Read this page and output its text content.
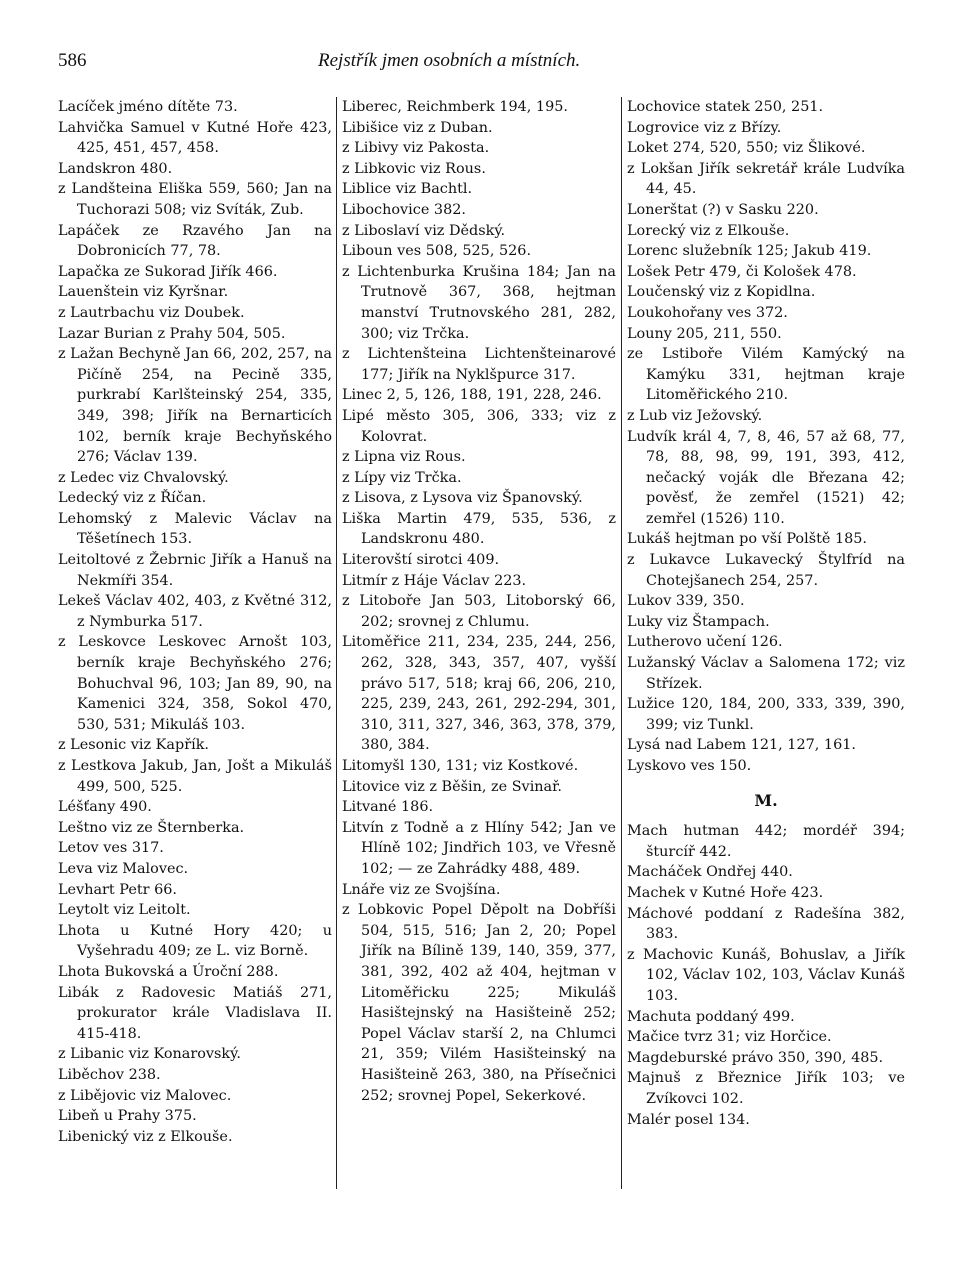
586	Rejstřík jmen osobních a místních.

Lacíček jméno dítěte 73.

Lahvička Samuel v Kutné Hoře 423, 425, 451, 457, 458.

Landskron 480.

z Landšteina Eliška 559, 560; Jan na Tuchorazi 508; viz Svíták, Zub.

Lapáček ze Rzavého Jan na Dobronicích 77, 78.

Lapačka ze Sukorad Jiřík 466.

Lauenštein viz Kyršnar.

z Lautrbachu viz Doubek.

Lazar Burian z Prahy 504, 505.

z Lažan Bechyně Jan 66, 202, 257, na Pičíně 254, na Pecině 335, purkrabí Karlšteinský 254, 335, 349, 398; Jiřík na Bernarticích 102, berník kraje Bechyňského 276; Václav 139.

z Ledec viz Chvalovský.

Ledecký viz z Říčan.

Lehomský z Malevic Václav na Těšetínech 153.

Leitoltové z Žebrnic Jiřík a Hanuš na Nekmíři 354.

Lekeš Václav 402, 403, z Květné 312, z Nymburka 517.

z Leskovce Leskovec Arnošt 103, berník kraje Bechyňského 276; Bohuchval 96, 103; Jan 89, 90, na Kamenici 324, 358, Sokol 470, 530, 531; Mikuláš 103.

z Lesonic viz Kapřík.

z Lestkova Jakub, Jan, Jošt a Mikuláš 499, 500, 525.

Léšťany 490.

Leštno viz ze Šternberka.

Letov ves 317.

Leva viz Malovec.

Levhart Petr 66.

Leytolt viz Leitolt.

Lhota u Kutné Hory 420; u Vyšehradu 409; ze L. viz Borně.

Lhota Bukovská a Úroční 288.

Libák z Radovesic Matiáš 271, prokurator krále Vladislava II. 415-418.

z Libanic viz Konarovský.

Liběchov 238.

z Libějovic viz Malovec.

Libeň u Prahy 375.

Libenický viz z Elkouše.

Liberec, Reichmberk 194, 195.

Libišice viz z Duban.

z Libivy viz Pakosta.

z Libkovic viz Rous.

Liblice viz Bachtl.

Libochovice 382.

z Liboslaví viz Dědský.

Liboun ves 508, 525, 526.

z Lichtenburka Krušina 184; Jan na Trutnově 367, 368, hejtman manství Trutnovského 281, 282, 300; viz Trčka.

z Lichtenšteina Lichtenšteinarové 177; Jiřík na Nyklšpurce 317.

Linec 2, 5, 126, 188, 191, 228, 246.

Lipé město 305, 306, 333; viz z Kolovrat.

z Lipna viz Rous.

z Lípy viz Trčka.

z Lisova, z Lysova viz Španovský.

Liška Martin 479, 535, 536, z Landskronu 480.

Literovští sirotci 409.

Litmír z Háje Václav 223.

z Litoboře Jan 503, Litoborský 66, 202; srovnej z Chlumu.

Litoměřice 211, 234, 235, 244, 256, 262, 328, 343, 357, 407, vyšší právo 517, 518; kraj 66, 206, 210, 225, 239, 243, 261, 292-294, 301, 310, 311, 327, 346, 363, 378, 379, 380, 384.

Litomyšl 130, 131; viz Kostkové.

Litovice viz z Běšin, ze Svinař.

Litvané 186.

Litvín z Todně a z Hlíny 542; Jan ve Hlíně 102; Jindřich 103, ve Vřesně 102; — ze Zahrádky 488, 489.

Lnáře viz ze Svojšína.

z Lobkovic Popel Děpolt na Dobříši 504, 515, 516; Jan 2, 20; Popel Jiřík na Bílině 139, 140, 359, 377, 381, 392, 402 až 404, hejtman v Litoměřicku 225; Mikuláš Hasištejnský na Hasišteině 252; Popel Václav starší 2, na Chlumci 21, 359; Vilém Hasišteinský na Hasišteině 263, 380, na Přísečnici 252; srovnej Popel, Sekerkové.

Lochovice statek 250, 251.

Logrovice viz z Břízy.

Loket 274, 520, 550; viz Šlikové.

z Lokšan Jiřík sekretář krále Ludvíka 44, 45.

Lonerštat (?) v Sasku 220.

Lorecký viz z Elkouše.

Lorenc služebník 125; Jakub 419.

Lošek Petr 479, či Kološek 478.

Loučenský viz z Kopidlna.

Loukohořany ves 372.

Louny 205, 211, 550.

ze Lstiboře Vilém Kamýcký na Kamýku 331, hejtman kraje Litoměřického 210.

z Lub viz Ježovský.

Ludvík král 4, 7, 8, 46, 57 až 68, 77, 78, 88, 98, 99, 191, 393, 412, nečacký voják dle Březana 42; pověsť, že zemřel (1521) 42; zemřel (1526) 110.

Lukáš hejtman po vší Polště 185.

z Lukavce Lukavecký Štylfríd na Chotejšanech 254, 257.

Lukov 339, 350.

Luky viz Štampach.

Lutherovo učení 126.

Lužanský Václav a Salomena 172; viz Střízek.

Lužice 120, 184, 200, 333, 339, 390, 399; viz Tunkl.

Lysá nad Labem 121, 127, 161.

Lyskovo ves 150.

M.

Mach hutman 442; mordéř 394; šturcíř 442.

Macháček Ondřej 440.

Machek v Kutné Hoře 423.

Máchové poddaní z Radešína 382, 383.

z Machovic Kunáš, Bohuslav, a Jiřík 102, Václav 102, 103, Václav Kunáš 103.

Machuta poddaný 499.

Mačice tvrz 31; viz Horčice.

Magdeburské právo 350, 390, 485.

Majnuš z Březnice Jiřík 103; ve Zvíkovci 102.

Malér posel 134.
